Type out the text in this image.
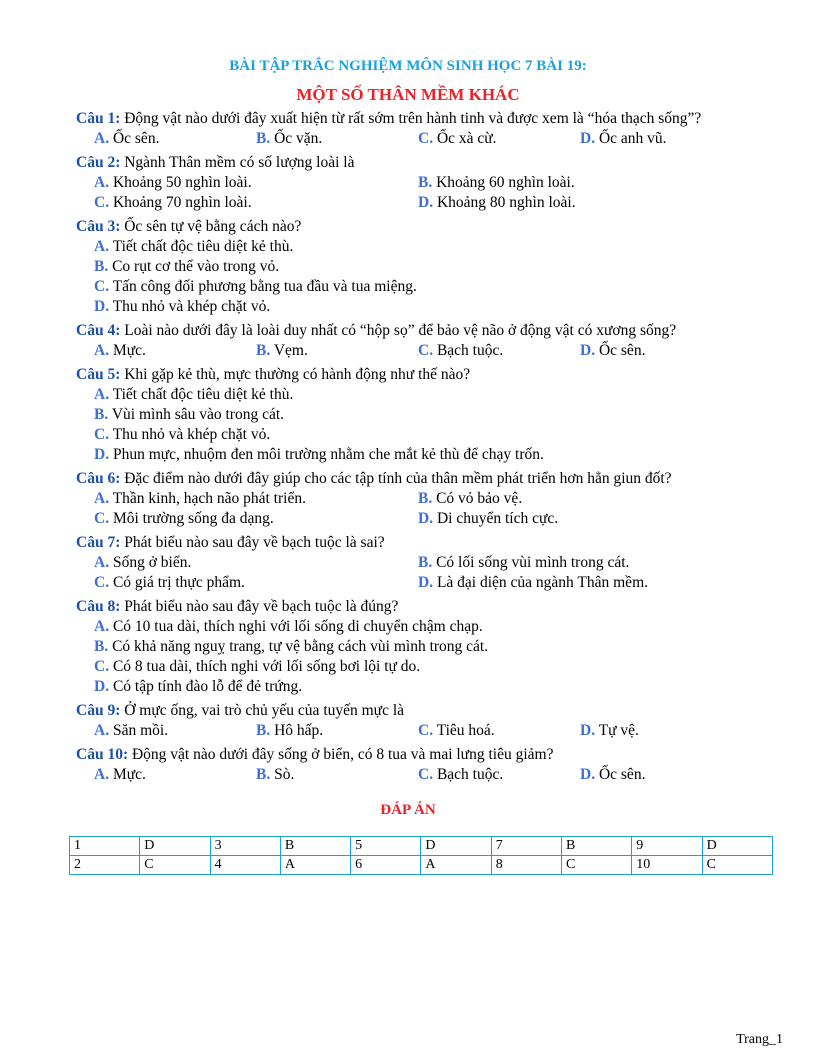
BÀI TẬP TRẮC NGHIỆM MÔN SINH HỌC 7 BÀI 19:
MỘT SỐ THÂN MỀM KHÁC
Câu 1: Động vật nào dưới đây xuất hiện từ rất sớm trên hành tinh và được xem là “hóa thạch sống”?
A. Ốc sên.	B. Ốc vặn.	C. Ốc xà cừ.	D. Ốc anh vũ.
Câu 2: Ngành Thân mềm có số lượng loài là
A. Khoảng 50 nghìn loài.	B. Khoảng 60 nghìn loài.
C. Khoảng 70 nghìn loài.	D. Khoảng 80 nghìn loài.
Câu 3: Ốc sên tự vệ bằng cách nào?
A. Tiết chất độc tiêu diệt kẻ thù.
B. Co rụt cơ thể vào trong vỏ.
C. Tấn công đối phương bằng tua đầu và tua miệng.
D. Thu nhỏ và khép chặt vỏ.
Câu 4: Loài nào dưới đây là loài duy nhất có “hộp sọ” để bảo vệ não ở động vật có xương sống?
A. Mực.	B. Vẹm.	C. Bạch tuộc.	D. Ốc sên.
Câu 5: Khi gặp kẻ thù, mực thường có hành động như thế nào?
A. Tiết chất độc tiêu diệt kẻ thù.
B. Vùi mình sâu vào trong cát.
C. Thu nhỏ và khép chặt vỏ.
D. Phun mực, nhuộm đen môi trường nhằm che mắt kẻ thù để chạy trốn.
Câu 6: Đặc điểm nào dưới đây giúp cho các tập tính của thân mềm phát triển hơn hẳn giun đốt?
A. Thần kinh, hạch não phát triển.	B. Có vỏ bảo vệ.
C. Môi trường sống đa dạng.	D. Di chuyển tích cực.
Câu 7: Phát biểu nào sau đây về bạch tuộc là sai?
A. Sống ở biển.	B. Có lối sống vùi mình trong cát.
C. Có giá trị thực phẩm.	D. Là đại diện của ngành Thân mềm.
Câu 8: Phát biểu nào sau đây về bạch tuộc là đúng?
A. Có 10 tua dài, thích nghi với lối sống di chuyển chậm chạp.
B. Có khả năng nguỵ trang, tự vệ bằng cách vùi mình trong cát.
C. Có 8 tua dài, thích nghi với lối sống bơi lội tự do.
D. Có tập tính đào lỗ để đẻ trứng.
Câu 9: Ở mực ống, vai trò chủ yếu của tuyến mực là
A. Săn mồi.	B. Hô hấp.	C. Tiêu hoá.	D. Tự vệ.
Câu 10: Động vật nào dưới đây sống ở biển, có 8 tua và mai lưng tiêu giảm?
A. Mực.	B. Sò.	C. Bạch tuộc.	D. Ốc sên.
ĐÁP ÁN
1	D	3	B	5	D	7	B	9	D
2	C	4	A	6	A	8	C	10	C
Trang_1
